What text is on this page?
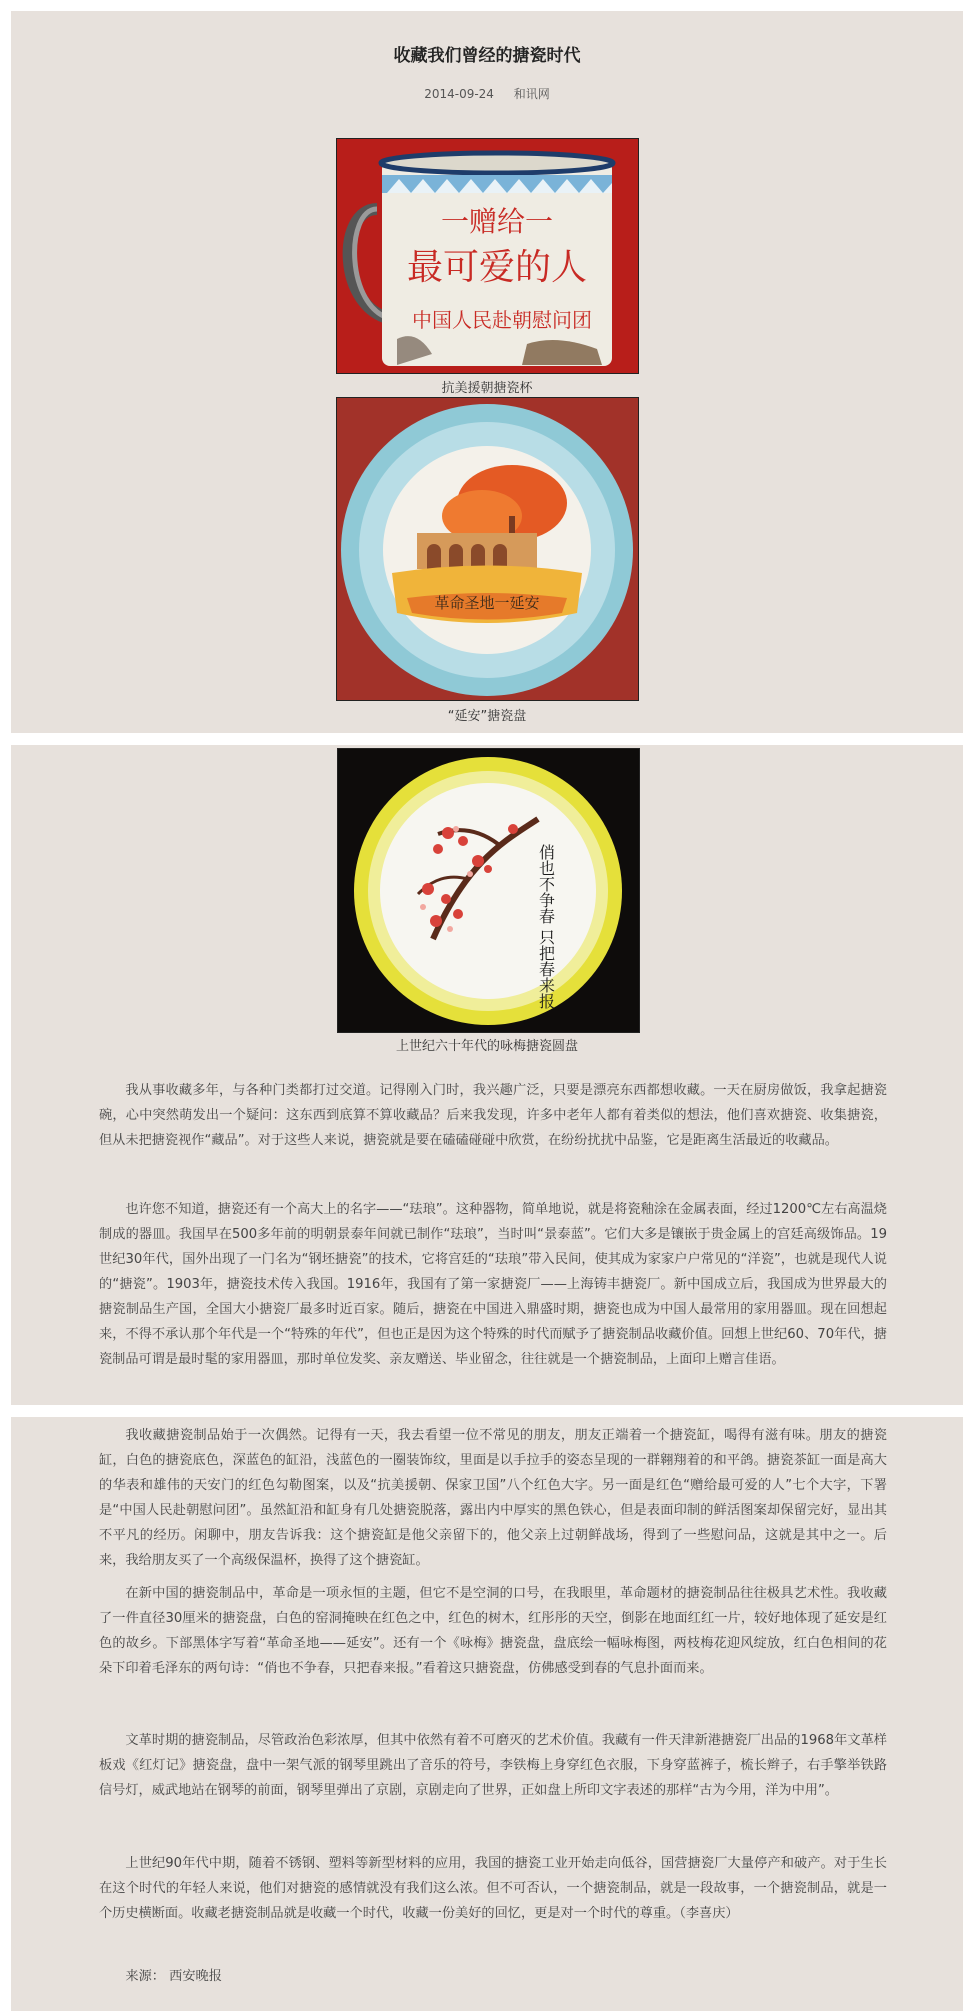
收藏我们曾经的搪瓷时代
2014-09-24 和讯网
一赠给一
最可爱的人
中国人民赴朝慰问团
抗美援朝搪瓷杯
革命圣地一延安
“延安”搪瓷盘
俏也不争春 只把春来报
上世纪六十年代的咏梅搪瓷圆盘

我从事收藏多年，与各种门类都打过交道。记得刚入门时，我兴趣广泛，只要是漂亮东西都想收藏。一天在厨房做饭，我拿起搪瓷碗，心中突然萌发出一个疑问：这东西到底算不算收藏品？后来我发现，许多中老年人都有着类似的想法，他们喜欢搪瓷、收集搪瓷，但从未把搪瓷视作“藏品”。对于这些人来说，搪瓷就是要在磕磕碰碰中欣赏，在纷纷扰扰中品鉴，它是距离生活最近的收藏品。

也许您不知道，搪瓷还有一个高大上的名字——“珐琅”。这种器物，简单地说，就是将瓷釉涂在金属表面，经过1200℃左右高温烧制成的器皿。我国早在500多年前的明朝景泰年间就已制作“珐琅”，当时叫“景泰蓝”。它们大多是镶嵌于贵金属上的宫廷高级饰品。19世纪30年代，国外出现了一门名为“钢坯搪瓷”的技术，它将宫廷的“珐琅”带入民间，使其成为家家户户常见的“洋瓷”，也就是现代人说的“搪瓷”。1903年，搪瓷技术传入我国。1916年，我国有了第一家搪瓷厂——上海铸丰搪瓷厂。新中国成立后，我国成为世界最大的搪瓷制品生产国，全国大小搪瓷厂最多时近百家。随后，搪瓷在中国进入鼎盛时期，搪瓷也成为中国人最常用的家用器皿。现在回想起来，不得不承认那个年代是一个“特殊的年代”，但也正是因为这个特殊的时代而赋予了搪瓷制品收藏价值。回想上世纪60、70年代，搪瓷制品可谓是最时髦的家用器皿，那时单位发奖、亲友赠送、毕业留念，往往就是一个搪瓷制品，上面印上赠言佳语。

我收藏搪瓷制品始于一次偶然。记得有一天，我去看望一位不常见的朋友，朋友正端着一个搪瓷缸，喝得有滋有味。朋友的搪瓷缸，白色的搪瓷底色，深蓝色的缸沿，浅蓝色的一圈装饰纹，里面是以手拉手的姿态呈现的一群翱翔着的和平鸽。搪瓷茶缸一面是高大的华表和雄伟的天安门的红色勾勒图案，以及“抗美援朝、保家卫国”八个红色大字。另一面是红色“赠给最可爱的人”七个大字，下署是“中国人民赴朝慰问团”。虽然缸沿和缸身有几处搪瓷脱落，露出内中厚实的黑色铁心，但是表面印制的鲜活图案却保留完好，显出其不平凡的经历。闲聊中，朋友告诉我：这个搪瓷缸是他父亲留下的，他父亲上过朝鲜战场，得到了一些慰问品，这就是其中之一。后来，我给朋友买了一个高级保温杯，换得了这个搪瓷缸。

在新中国的搪瓷制品中，革命是一项永恒的主题，但它不是空洞的口号，在我眼里，革命题材的搪瓷制品往往极具艺术性。我收藏了一件直径30厘米的搪瓷盘，白色的窑洞掩映在红色之中，红色的树木，红彤彤的天空，倒影在地面红红一片，较好地体现了延安是红色的故乡。下部黑体字写着“革命圣地——延安”。还有一个《咏梅》搪瓷盘，盘底绘一幅咏梅图，两枝梅花迎风绽放，红白色相间的花朵下印着毛泽东的两句诗：“俏也不争春，只把春来报。”看着这只搪瓷盘，仿佛感受到春的气息扑面而来。

文革时期的搪瓷制品，尽管政治色彩浓厚，但其中依然有着不可磨灭的艺术价值。我藏有一件天津新港搪瓷厂出品的1968年文革样板戏《红灯记》搪瓷盘，盘中一架气派的钢琴里跳出了音乐的符号，李铁梅上身穿红色衣服，下身穿蓝裤子，梳长辫子，右手擎举铁路信号灯，威武地站在钢琴的前面，钢琴里弹出了京剧，京剧走向了世界，正如盘上所印文字表述的那样“古为今用，洋为中用”。

上世纪90年代中期，随着不锈钢、塑料等新型材料的应用，我国的搪瓷工业开始走向低谷，国营搪瓷厂大量停产和破产。对于生长在这个时代的年轻人来说，他们对搪瓷的感情就没有我们这么浓。但不可否认，一个搪瓷制品，就是一段故事，一个搪瓷制品，就是一个历史横断面。收藏老搪瓷制品就是收藏一个时代，收藏一份美好的回忆，更是对一个时代的尊重。（李喜庆）

来源： 西安晚报
